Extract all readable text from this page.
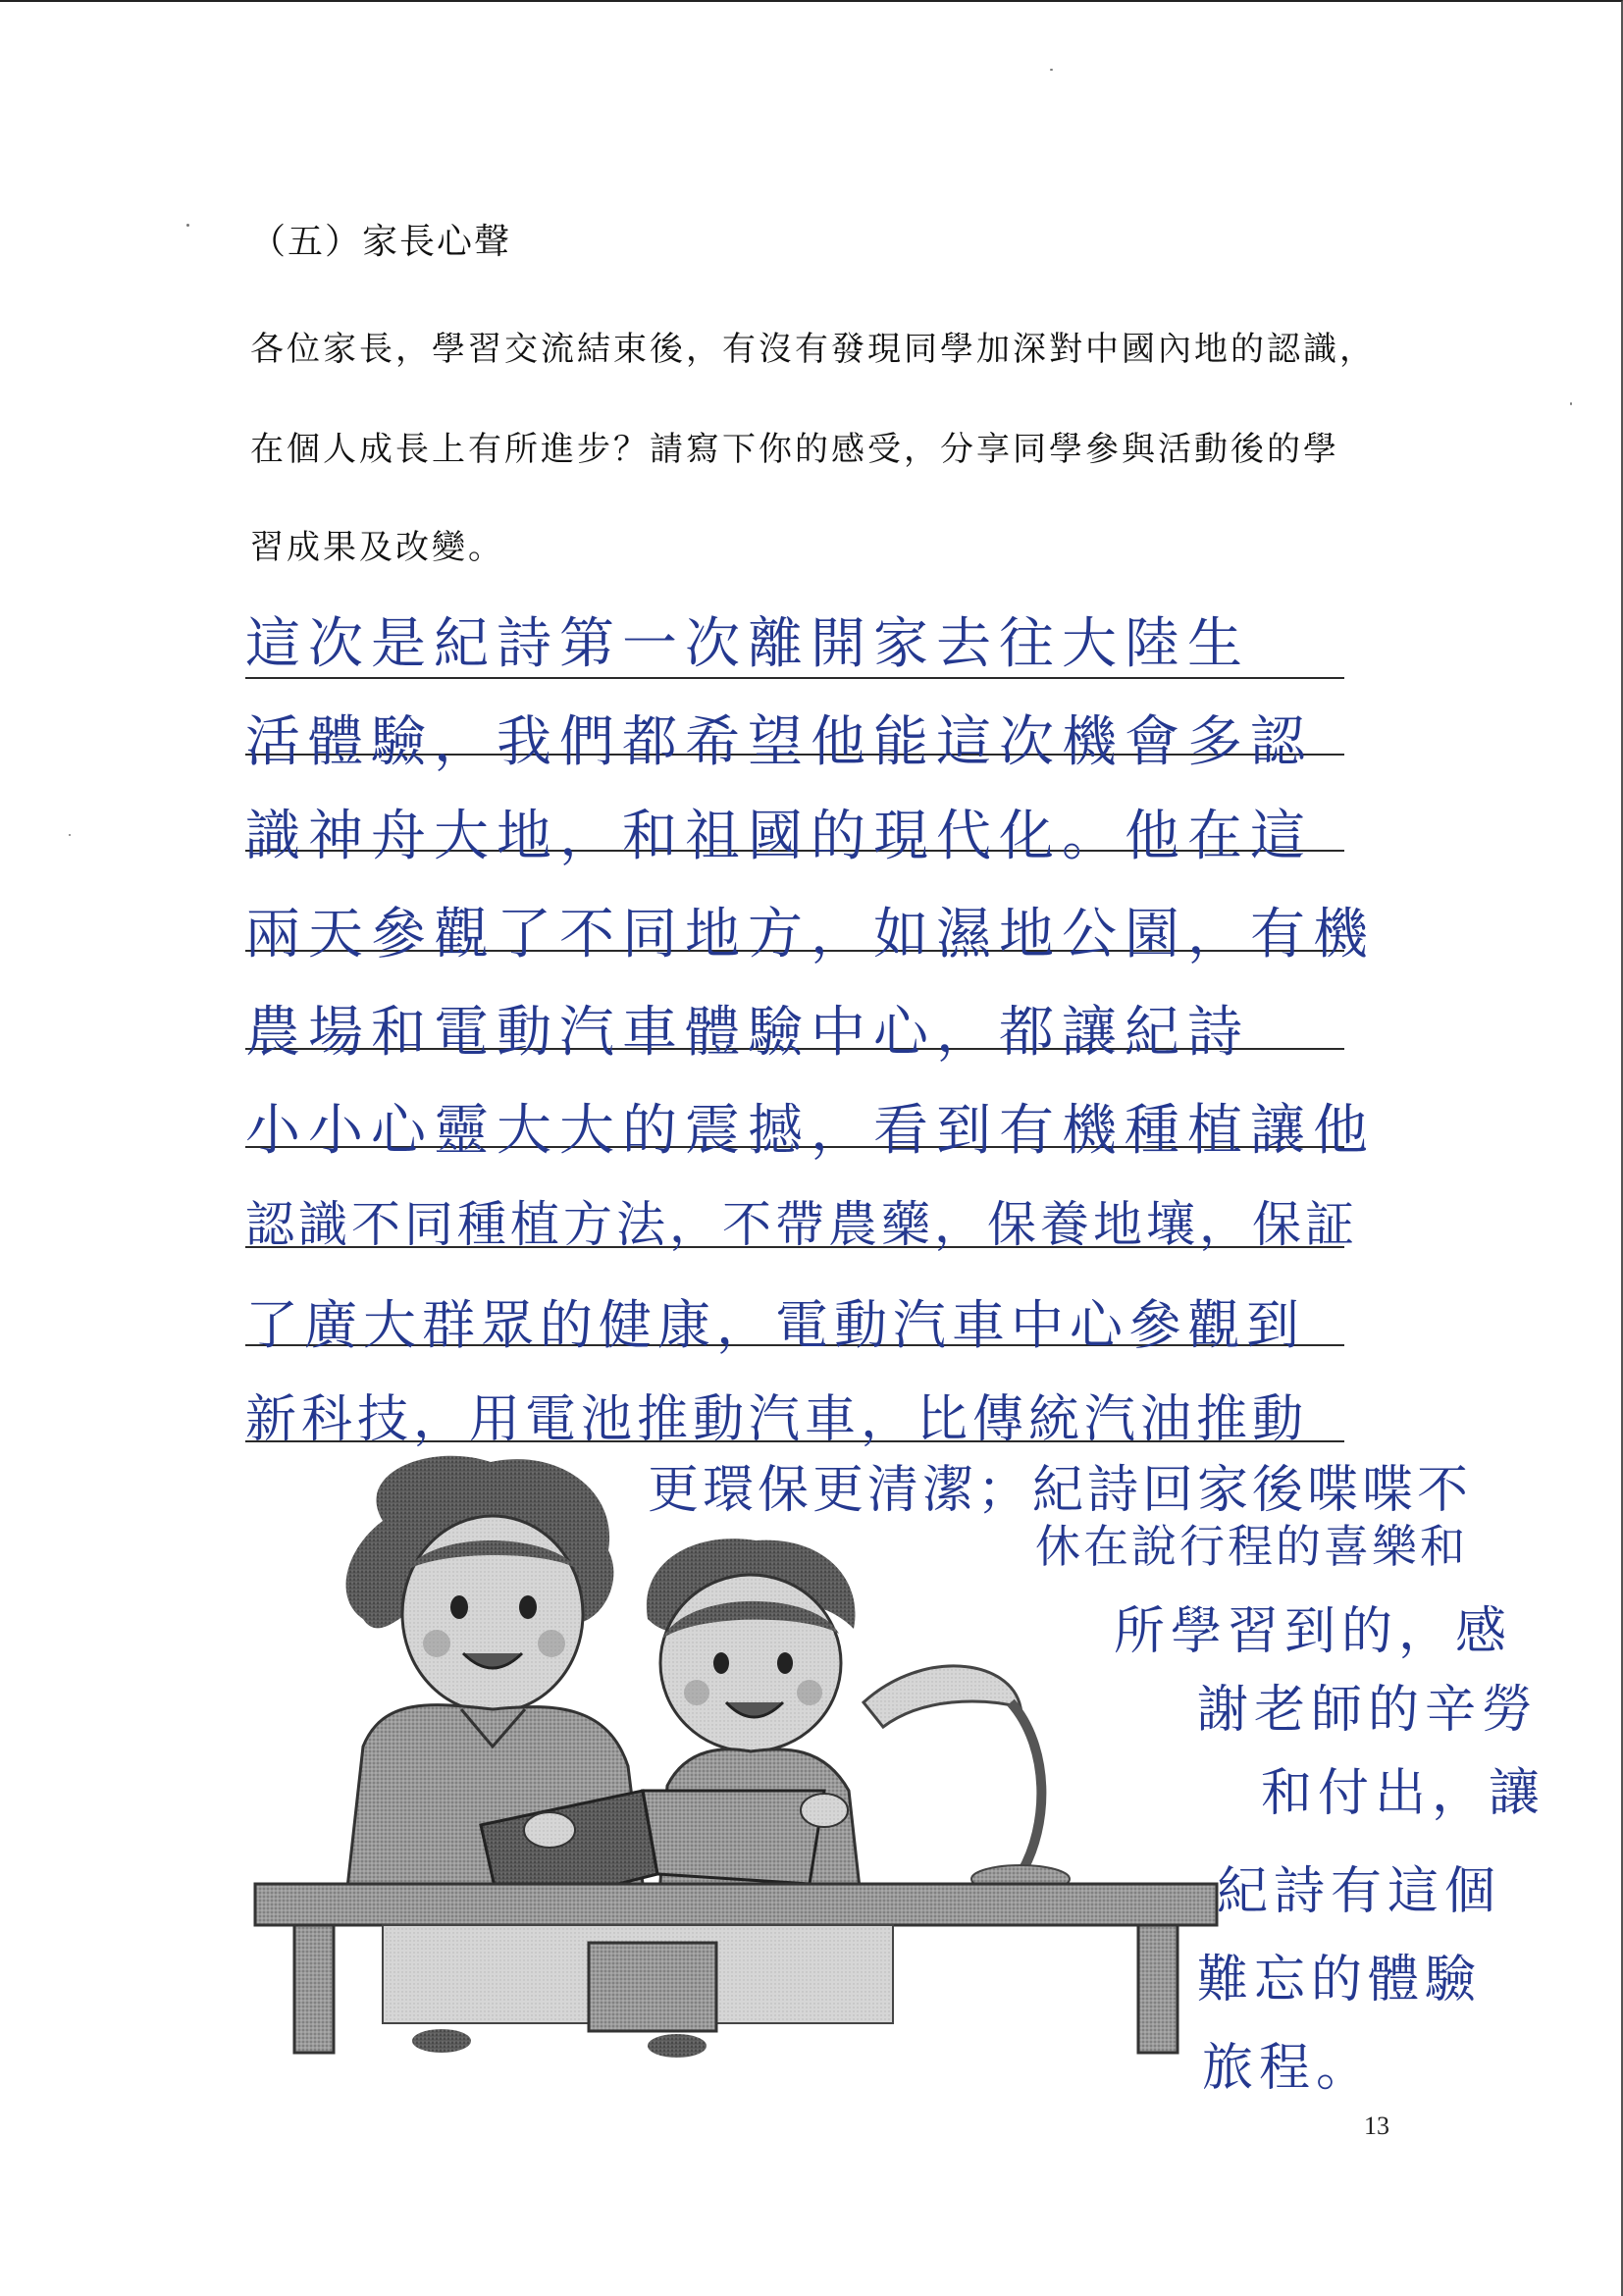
（五）家長心聲
各位家長，學習交流結束後，有沒有發現同學加深對中國內地的認識，
在個人成長上有所進步？請寫下你的感受，分享同學參與活動後的學
習成果及改變。
這次是紀詩第一次離開家去往大陸生
活體驗，我們都希望他能這次機會多認
識神舟大地，和祖國的現代化。他在這
兩天參觀了不同地方，如濕地公園，有機
農場和電動汽車體驗中心，都讓紀詩
小小心靈大大的震撼，看到有機種植讓他
認識不同種植方法，不帶農藥，保養地壤，保証
了廣大群眾的健康，電動汽車中心參觀到
新科技，用電池推動汽車，比傳統汽油推動
更環保更清潔；紀詩回家後喋喋不
休在說行程的喜樂和
所學習到的，感
謝老師的辛勞
和付出，讓
紀詩有這個
難忘的體驗
旅程。
13
